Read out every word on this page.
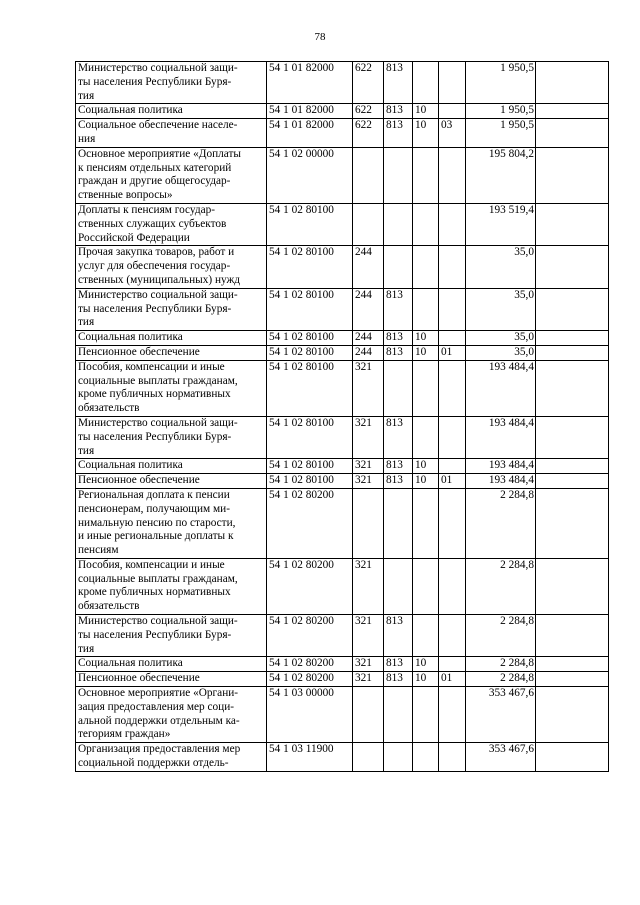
78
Министерство социальной защи-
ты населения Республики Буря-
тия	54 1 01 82000	622	813			1 950,5	
Социальная политика	54 1 01 82000	622	813	10		1 950,5	
Социальное обеспечение населе-
ния	54 1 01 82000	622	813	10	03	1 950,5	
Основное мероприятие «Доплаты
к пенсиям отдельных категорий
граждан и другие общегосудар-
ственные вопросы»	54 1 02 00000					195 804,2	
Доплаты к пенсиям государ-
ственных служащих субъектов
Российской Федерации	54 1 02 80100					193 519,4	
Прочая закупка товаров, работ и
услуг для обеспечения государ-
ственных (муниципальных) нужд	54 1 02 80100	244				35,0	
Министерство социальной защи-
ты населения Республики Буря-
тия	54 1 02 80100	244	813			35,0	
Социальная политика	54 1 02 80100	244	813	10		35,0	
Пенсионное обеспечение	54 1 02 80100	244	813	10	01	35,0	
Пособия, компенсации и иные
социальные выплаты гражданам,
кроме публичных нормативных
обязательств	54 1 02 80100	321				193 484,4	
Министерство социальной защи-
ты населения Республики Буря-
тия	54 1 02 80100	321	813			193 484,4	
Социальная политика	54 1 02 80100	321	813	10		193 484,4	
Пенсионное обеспечение	54 1 02 80100	321	813	10	01	193 484,4	
Региональная доплата к пенсии
пенсионерам, получающим ми-
нимальную пенсию по старости,
и иные региональные доплаты к
пенсиям	54 1 02 80200					2 284,8	
Пособия, компенсации и иные
социальные выплаты гражданам,
кроме публичных нормативных
обязательств	54 1 02 80200	321				2 284,8	
Министерство социальной защи-
ты населения Республики Буря-
тия	54 1 02 80200	321	813			2 284,8	
Социальная политика	54 1 02 80200	321	813	10		2 284,8	
Пенсионное обеспечение	54 1 02 80200	321	813	10	01	2 284,8	
Основное мероприятие «Органи-
зация предоставления мер соци-
альной поддержки отдельным ка-
тегориям граждан»	54 1 03 00000					353 467,6	
Организация предоставления мер
социальной поддержки отдель-	54 1 03 11900					353 467,6	
